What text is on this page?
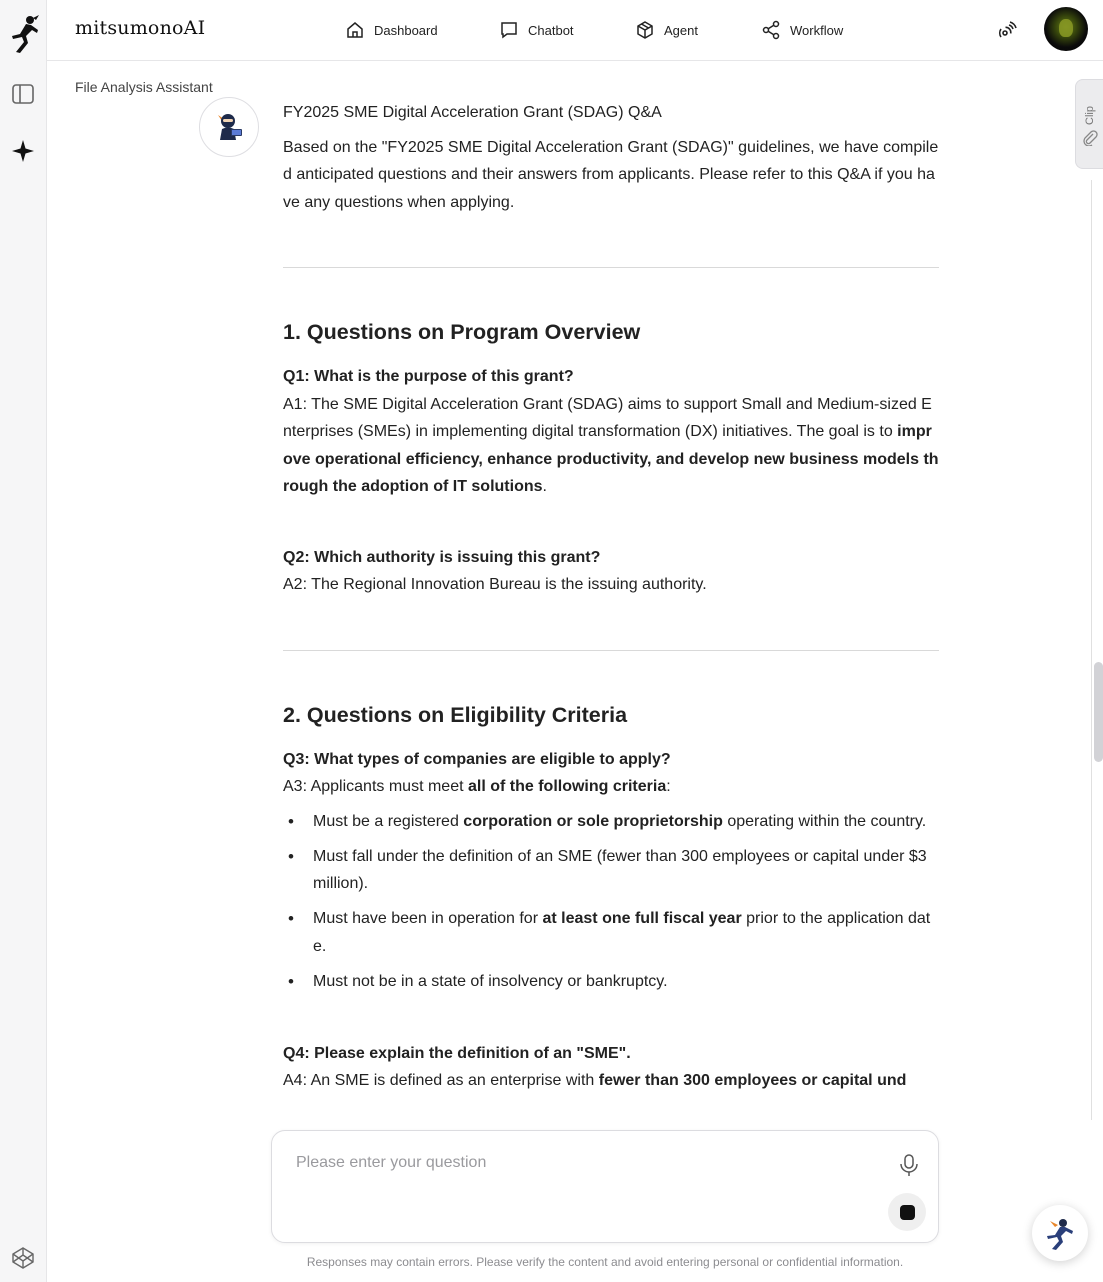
mitsumonoAI	Dashboard	Chatbot	Agent	Workflow
File Analysis Assistant
Clip
FY2025 SME Digital Acceleration Grant (SDAG) Q&A

Based on the "FY2025 SME Digital Acceleration Grant (SDAG)" guidelines, we have compiled anticipated questions and their answers from applicants. Please refer to this Q&A if you have any questions when applying.

1. Questions on Program Overview

Q1: What is the purpose of this grant?

A1: The SME Digital Acceleration Grant (SDAG) aims to support Small and Medium-sized Enterprises (SMEs) in implementing digital transformation (DX) initiatives. The goal is to improve operational efficiency, enhance productivity, and develop new business models through the adoption of IT solutions.

Q2: Which authority is issuing this grant?

A2: The Regional Innovation Bureau is the issuing authority.

2. Questions on Eligibility Criteria

Q3: What types of companies are eligible to apply?

A3: Applicants must meet all of the following criteria:

• Must be a registered corporation or sole proprietorship operating within the country.
• Must fall under the definition of an SME (fewer than 300 employees or capital under $3 million).
• Must have been in operation for at least one full fiscal year prior to the application date.
• Must not be in a state of insolvency or bankruptcy.

Q4: Please explain the definition of an "SME".

A4: An SME is defined as an enterprise with fewer than 300 employees or capital und

Please enter your question
Responses may contain errors. Please verify the content and avoid entering personal or confidential information.
